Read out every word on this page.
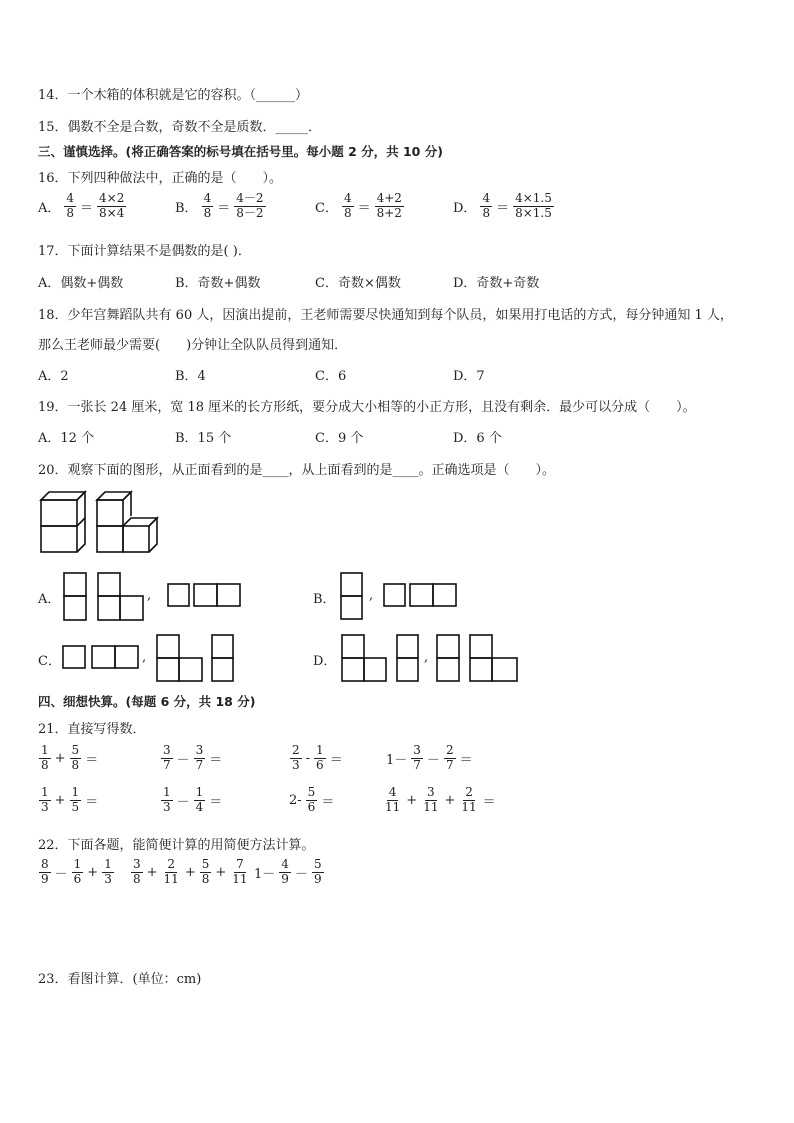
14．一个木箱的体积就是它的容积。（______）
15．偶数不全是合数，奇数不全是质数．_____．
三、谨慎选择。(将正确答案的标号填在括号里。每小题 2 分，共 10 分)
16．下列四种做法中，正确的是（　　）。
A． $\frac{4}{8} = \frac{4\times 2}{8\times 4}$	B． $\frac{4}{8} = \frac{4-2}{8-2}$	C． $\frac{4}{8} = \frac{4+2}{8+2}$	D． $\frac{4}{8} = \frac{4\times 1.5}{8\times 1.5}$
17．下面计算结果不是偶数的是( )．
A．偶数+偶数	B．奇数+偶数	C．奇数×偶数	D．奇数+奇数
18．少年宫舞蹈队共有 60 人，因演出提前，王老师需要尽快通知到每个队员，如果用打电话的方式，每分钟通知 1 人，
那么王老师最少需要(　　)分钟让全队队员得到通知．
A．2	B．4	C．6	D．7
19．一张长 24 厘米，宽 18 厘米的长方形纸，要分成大小相等的小正方形，且没有剩余．最少可以分成（　　）。
A．12 个	B．15 个	C．9 个	D．6 个
20．观察下面的图形，从正面看到的是____，从上面看到的是____。正确选项是（　　）。
A．	,	B．	,
C．	,	D．	,
四、细想快算。(每题 6 分，共 18 分)
21．直接写得数．
$\frac{1}{8} + \frac{5}{8}$ ＝	$\frac{3}{7} - \frac{3}{7}$ ＝	$\frac{2}{3} - \frac{1}{6}$ ＝	$1- \frac{3}{7} - \frac{2}{7}$ ＝
$\frac{1}{3} + \frac{1}{5}$ ＝	$\frac{1}{3} - \frac{1}{4}$ ＝	$2- \frac{5}{6}$ ＝	$\frac{4}{11} + \frac{3}{11} + \frac{2}{11}$ ＝
22．下面各题，能简便计算的用简便方法计算。
$\frac{8}{9} - \frac{1}{6} + \frac{1}{3} \frac{3}{8} + \frac{2}{11} + \frac{5}{8} + \frac{7}{11} 1- \frac{4}{9} - \frac{5}{9}$
23．看图计算．(单位：cm)
